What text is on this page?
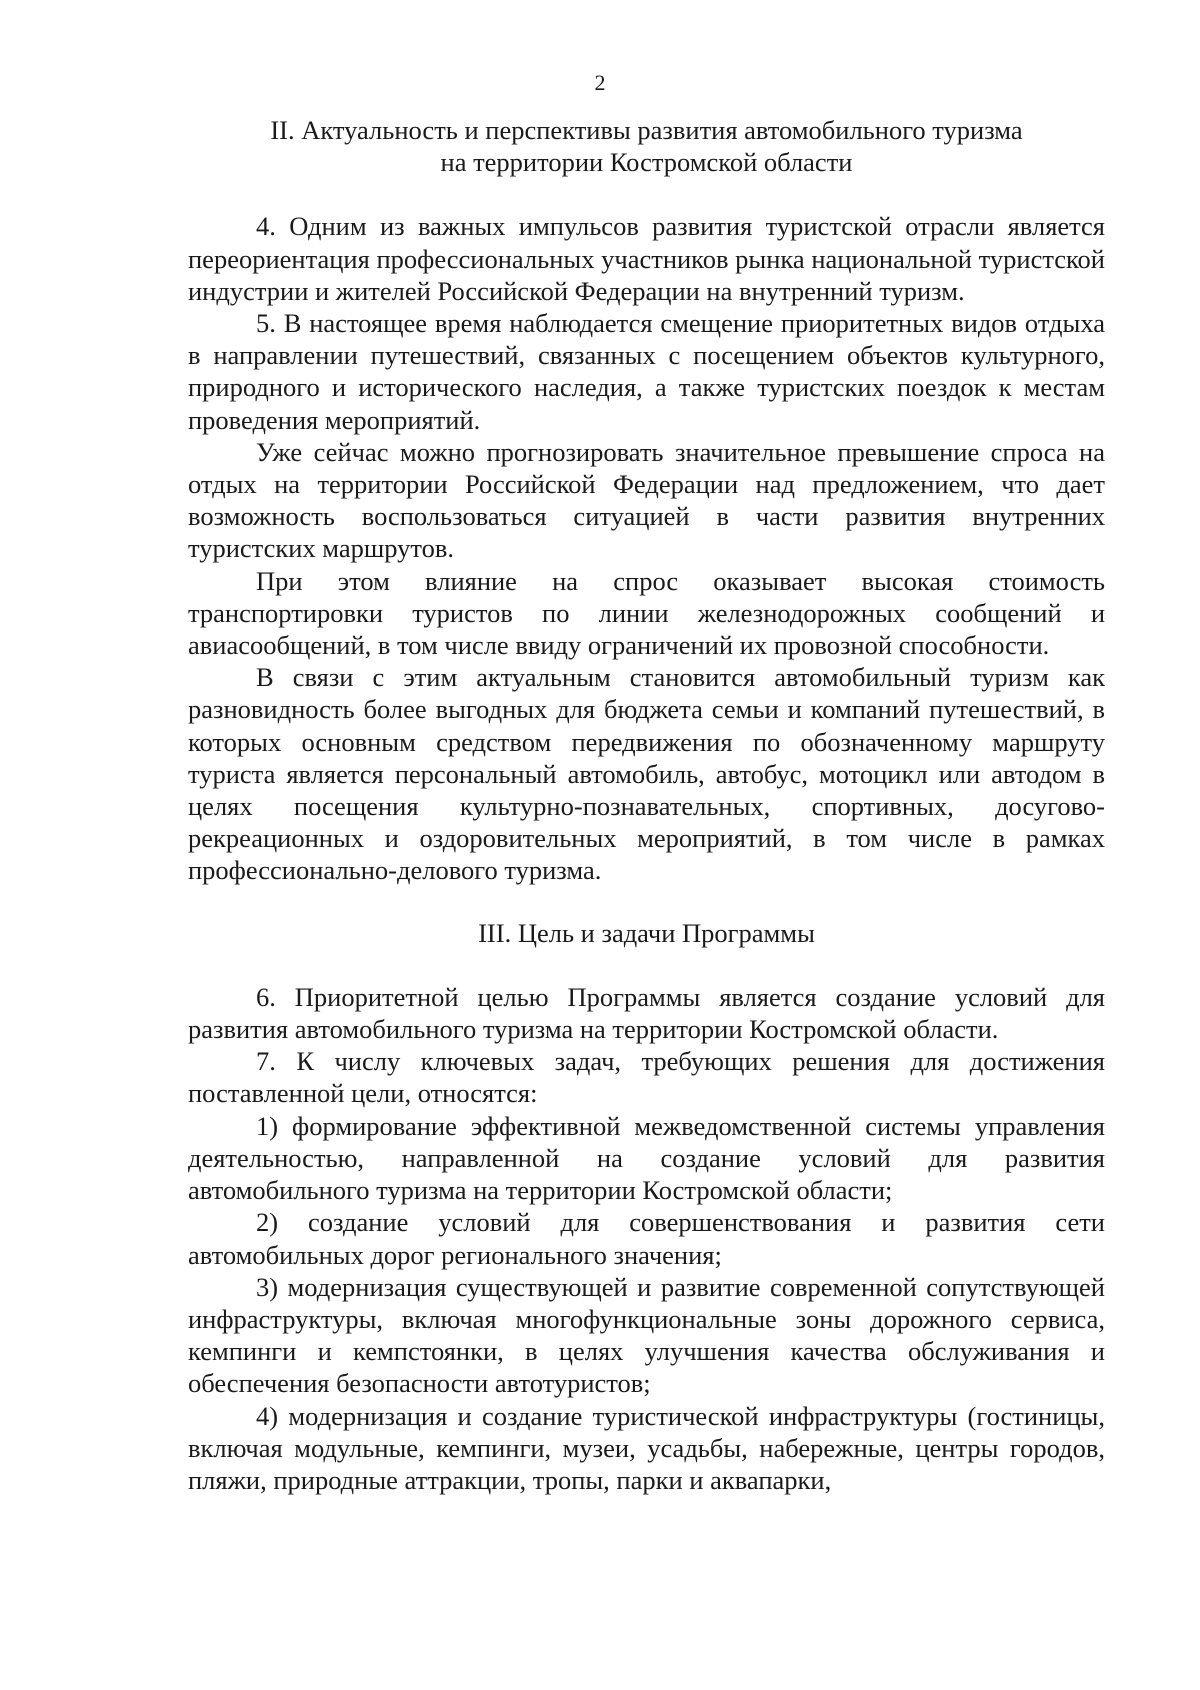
2
II. Актуальность и перспективы развития автомобильного туризма
на территории Костромской области

4. Одним из важных импульсов развития туристской отрасли является переориентация профессиональных участников рынка национальной туристской индустрии и жителей Российской Федерации на внутренний туризм.

5. В настоящее время наблюдается смещение приоритетных видов отдыха в направлении путешествий, связанных с посещением объектов культурного, природного и исторического наследия, а также туристских поездок к местам проведения мероприятий.

Уже сейчас можно прогнозировать значительное превышение спроса на отдых на территории Российской Федерации над предложением, что дает возможность воспользоваться ситуацией в части развития внутренних туристских маршрутов.

При этом влияние на спрос оказывает высокая стоимость транспортировки туристов по линии железнодорожных сообщений и авиасообщений, в том числе ввиду ограничений их провозной способности.

В связи с этим актуальным становится автомобильный туризм как разновидность более выгодных для бюджета семьи и компаний путешествий, в которых основным средством передвижения по обозначенному маршруту туриста является персональный автомобиль, автобус, мотоцикл или автодом в целях посещения культурно-познавательных, спортивных, досугово-рекреационных и оздоровительных мероприятий, в том числе в рамках профессионально-делового туризма.

III. Цель и задачи Программы

6. Приоритетной целью Программы является создание условий для развития автомобильного туризма на территории Костромской области.

7. К числу ключевых задач, требующих решения для достижения поставленной цели, относятся:

1) формирование эффективной межведомственной системы управления деятельностью, направленной на создание условий для развития автомобильного туризма на территории Костромской области;

2) создание условий для совершенствования и развития сети автомобильных дорог регионального значения;

3) модернизация существующей и развитие современной сопутствующей инфраструктуры, включая многофункциональные зоны дорожного сервиса, кемпинги и кемпстоянки, в целях улучшения качества обслуживания и обеспечения безопасности автотуристов;

4) модернизация и создание туристической инфраструктуры (гостиницы, включая модульные, кемпинги, музеи, усадьбы, набережные, центры городов, пляжи, природные аттракции, тропы, парки и аквапарки,
